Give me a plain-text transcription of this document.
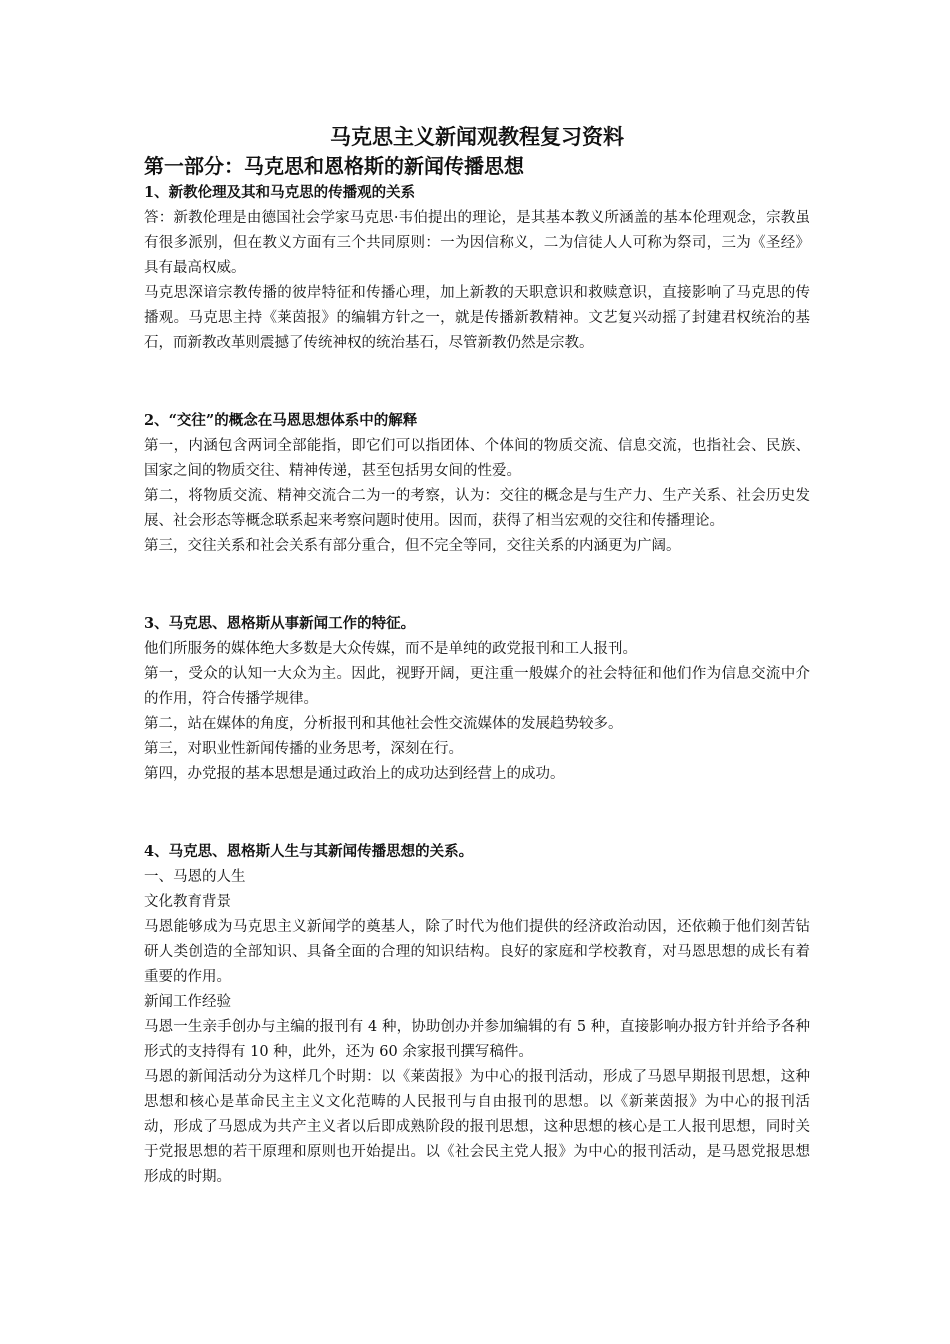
马克思主义新闻观教程复习资料
第一部分：马克思和恩格斯的新闻传播思想
1、新教伦理及其和马克思的传播观的关系

答：新教伦理是由德国社会学家马克思·韦伯提出的理论，是其基本教义所涵盖的基本伦理观念，宗教虽有很多派别，但在教义方面有三个共同原则：一为因信称义，二为信徒人人可称为祭司，三为《圣经》具有最高权威。

马克思深谙宗教传播的彼岸特征和传播心理，加上新教的天职意识和救赎意识，直接影响了马克思的传播观。马克思主持《莱茵报》的编辑方针之一，就是传播新教精神。文艺复兴动摇了封建君权统治的基石，而新教改革则震撼了传统神权的统治基石，尽管新教仍然是宗教。

2、“交往”的概念在马恩思想体系中的解释

第一，内涵包含两词全部能指，即它们可以指团体、个体间的物质交流、信息交流，也指社会、民族、国家之间的物质交往、精神传递，甚至包括男女间的性爱。

第二，将物质交流、精神交流合二为一的考察，认为：交往的概念是与生产力、生产关系、社会历史发展、社会形态等概念联系起来考察问题时使用。因而，获得了相当宏观的交往和传播理论。

第三，交往关系和社会关系有部分重合，但不完全等同，交往关系的内涵更为广阔。

3、马克思、恩格斯从事新闻工作的特征。

他们所服务的媒体绝大多数是大众传媒，而不是单纯的政党报刊和工人报刊。

第一，受众的认知一大众为主。因此，视野开阔，更注重一般媒介的社会特征和他们作为信息交流中介的作用，符合传播学规律。

第二，站在媒体的角度，分析报刊和其他社会性交流媒体的发展趋势较多。

第三，对职业性新闻传播的业务思考，深刻在行。

第四，办党报的基本思想是通过政治上的成功达到经营上的成功。

4、马克思、恩格斯人生与其新闻传播思想的关系。

一、马恩的人生

文化教育背景

马恩能够成为马克思主义新闻学的奠基人，除了时代为他们提供的经济政治动因，还依赖于他们刻苦钻研人类创造的全部知识、具备全面的合理的知识结构。良好的家庭和学校教育，对马恩思想的成长有着重要的作用。

新闻工作经验

马恩一生亲手创办与主编的报刊有 4 种，协助创办并参加编辑的有 5 种，直接影响办报方针并给予各种形式的支持得有 10 种，此外，还为 60 余家报刊撰写稿件。

马恩的新闻活动分为这样几个时期：以《莱茵报》为中心的报刊活动，形成了马恩早期报刊思想，这种思想和核心是革命民主主义文化范畴的人民报刊与自由报刊的思想。以《新莱茵报》为中心的报刊活动，形成了马恩成为共产主义者以后即成熟阶段的报刊思想，这种思想的核心是工人报刊思想，同时关于党报思想的若干原理和原则也开始提出。以《社会民主党人报》为中心的报刊活动，是马恩党报思想形成的时期。
